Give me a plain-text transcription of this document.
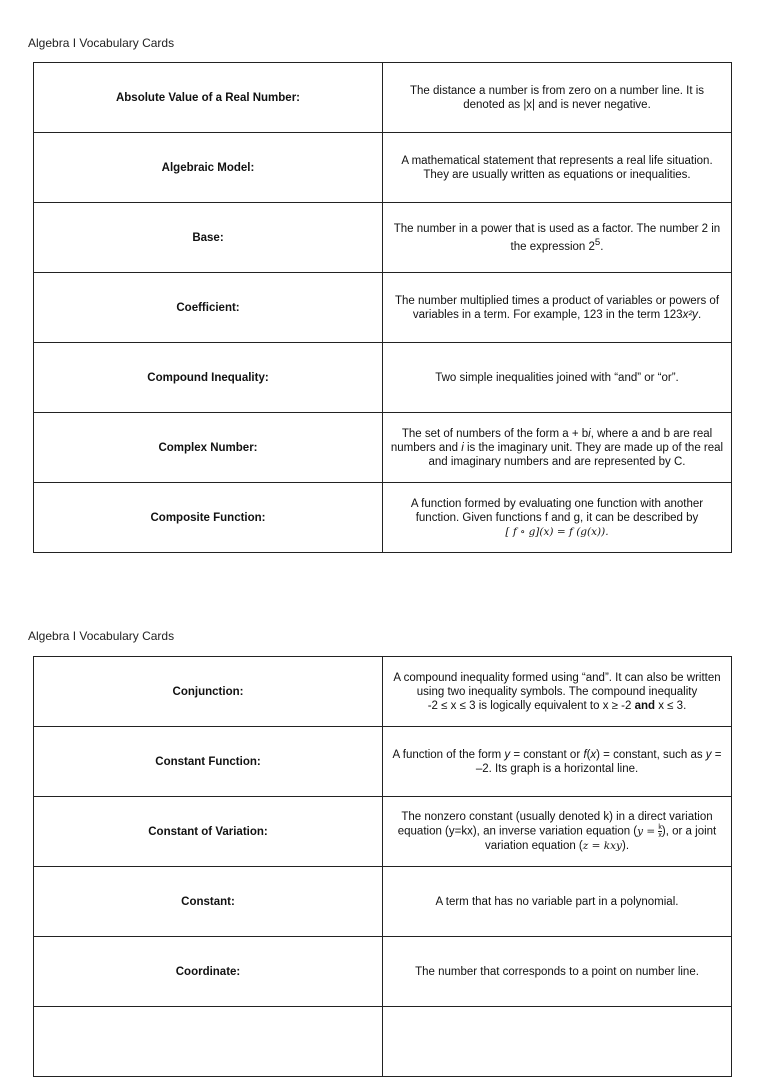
Algebra I Vocabulary Cards
Absolute Value of a Real Number:	The distance a number is from zero on a number line. It is denoted as |x| and is never negative.
Algebraic Model:	A mathematical statement that represents a real life situation. They are usually written as equations or inequalities.
Base:	The number in a power that is used as a factor. The number 2 in the expression $2^5$.
Coefficient:	The number multiplied times a product of variables or powers of variables in a term. For example, 123 in the term 123x²y.
Compound Inequality:	Two simple inequalities joined with “and” or “or”.
Complex Number:	The set of numbers of the form a + bi, where a and b are real numbers and i is the imaginary unit. They are made up of the real and imaginary numbers and are represented by C.
Composite Function:	A function formed by evaluating one function with another function. Given functions f and g, it can be described by
[ f ∘ g](x) = f (g(x)).
Algebra I Vocabulary Cards
Conjunction:	A compound inequality formed using “and”. It can also be written using two inequality symbols. The compound inequality
-2 ≤ x ≤ 3 is logically equivalent to x ≥ -2 and x ≤ 3.
Constant Function:	A function of the form y = constant or f(x) = constant, such as y = –2. Its graph is a horizontal line.
Constant of Variation:	The nonzero constant (usually denoted k) in a direct variation equation (y=kx), an inverse variation equation ($y = \frac{k}{x}$ ), or a joint variation equation (z = kxy).
Constant:	A term that has no variable part in a polynomial.
Coordinate:	The number that corresponds to a point on number line.
